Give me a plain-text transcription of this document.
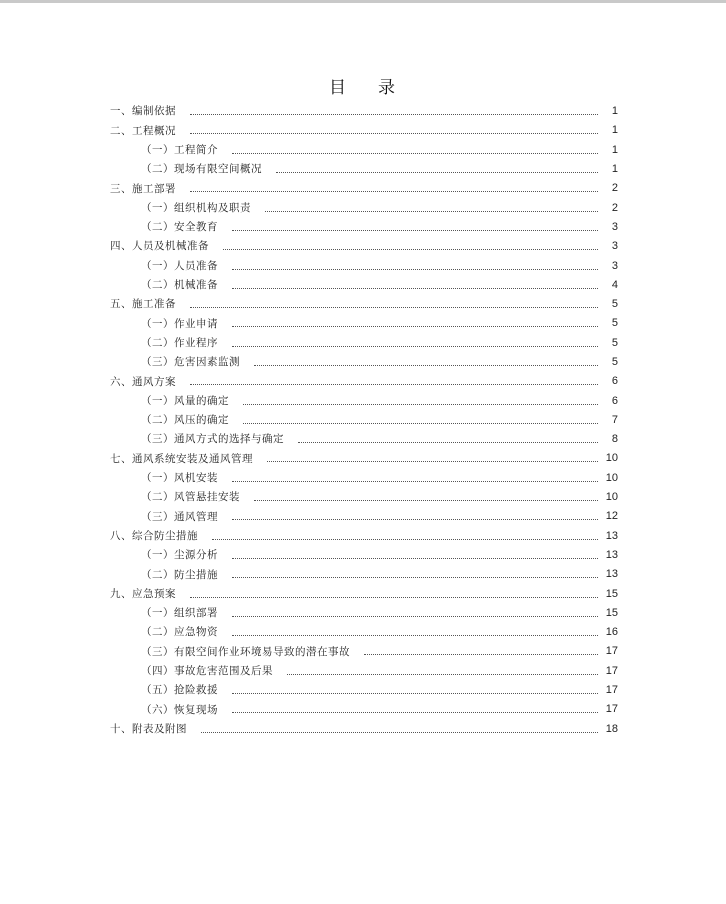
目 录
一、编制依据	1
二、工程概况	1
（一）工程简介	1
（二）现场有限空间概况	1
三、施工部署	2
（一）组织机构及职责	2
（二）安全教育	3
四、人员及机械准备	3
（一）人员准备	3
（二）机械准备	4
五、施工准备	5
（一）作业申请	5
（二）作业程序	5
（三）危害因素监测	5
六、通风方案	6
（一）风量的确定	6
（二）风压的确定	7
（三）通风方式的选择与确定	8
七、通风系统安装及通风管理	10
（一）风机安装	10
（二）风管悬挂安装	10
（三）通风管理	12
八、综合防尘措施	13
（一）尘源分析	13
（二）防尘措施	13
九、应急预案	15
（一）组织部署	15
（二）应急物资	16
（三）有限空间作业环境易导致的潜在事故	17
（四）事故危害范围及后果	17
（五）抢险救援	17
（六）恢复现场	17
十、附表及附图	18
